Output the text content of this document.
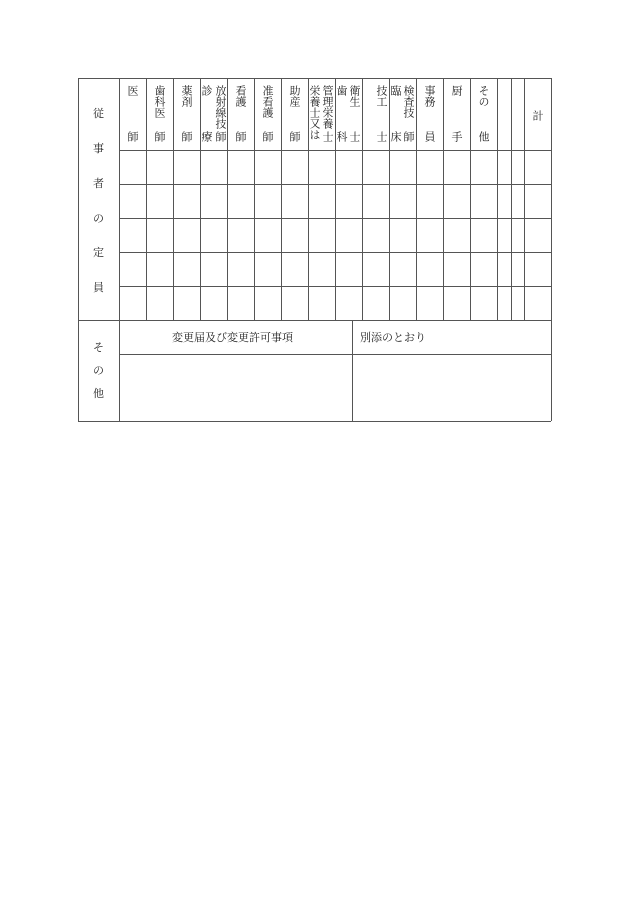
従
事
者
の
定
員
医 歯科医 薬剤 診 放射線技 看護 准看護 助産 栄養士又は 管理栄養 歯 衛生 技工 臨 検査技 事務 厨 その
計
師 師 師 療 師 師 師 師 士 科 士 士 床 師 員 手 他
そ
の
他
変更届及び変更許可事項	別添のとおり
